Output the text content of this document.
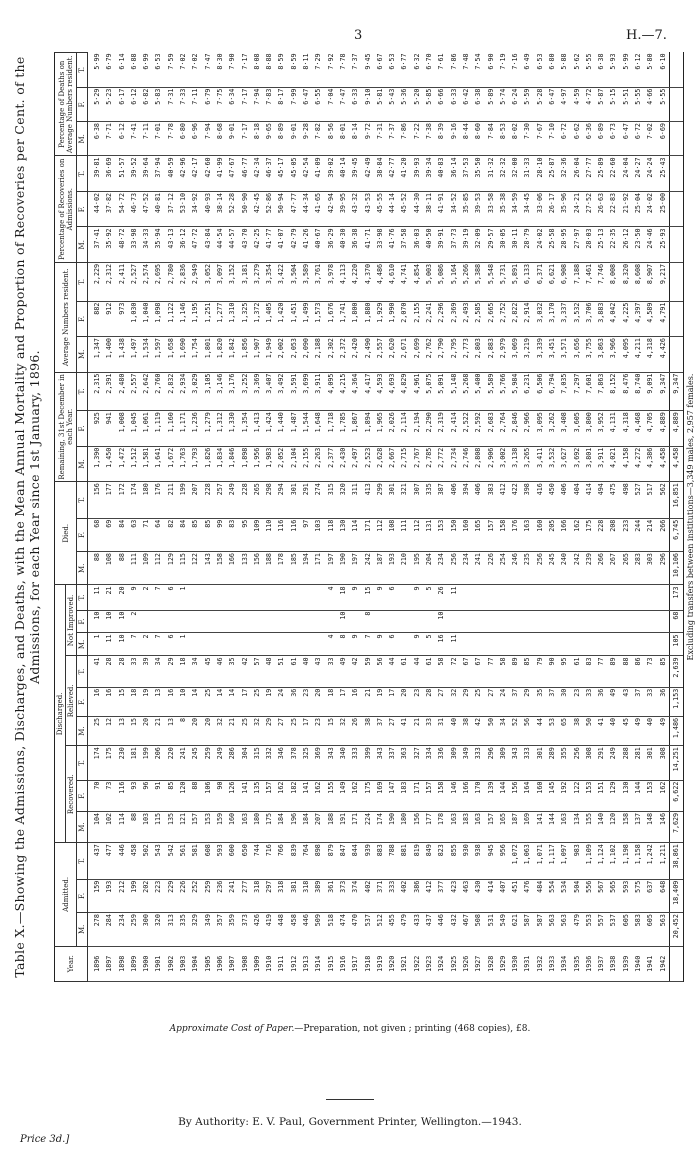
3	H.—7.
Table X.—Showing the Admissions, Discharges, and Deaths, with the Mean Annual Mortality and Proportion of Recoveries per Cent. of the Admissions, for each Year since 1st January, 1896.
Year.	Admitted.			Discharged.									Died.			Remaining, 31st December in each Year.			Average Numbers resident.			Percentage of Recoveries on Admissions.			Percentage of Deaths on Average Numbers resident.		
				Recovered.			Relieved.			Not Improved.																	
	M.	F.	T.	M.	F.	T.	M.	F.	T.	M.	F.	T.	M.	F.	T.	M.	F.	T.	M.	F.	T.	M.	F.	T.	M.	F.	T.
1896	278	159	437	104	70	174	25	16	41	1	10	11	88	68	156	1,390	925	2,315	1,347	882	2,229	37·41	44·02	39·81	6·38	5·29	5·99
1897	284	193	477	102	73	175	12	16	28	11	10	21	108	69	177	1,450	941	2,391	1,400	912	2,312	35·92	37·82	36·69	7·71	5·23	6·79
1898	234	212	446	114	116	230	13	15	28	10	10	20	88	84	172	1,472	1,008	2,480	1,438	973	2,411	48·72	54·72	51·57	6·12	6·17	6·14
1899	259	199	458	88	93	181	15	18	33	7	2	9	111	63	174	1,512	1,045	2,557	1,497	1,030	2,527	33·98	46·73	39·52	7·41	6·12	6·88
1900	300	202	502	103	96	199	20	19	39	2		2	109	71	180	1,581	1,061	2,642	1,534	1,040	2,574	34·33	47·52	39·64	7·11	6·82	6·99
1901	320	223	543	115	91	206	21	13	34	7		7	112	64	176	1,641	1,119	2,760	1,597	1,098	2,695	35·94	40·81	37·94	7·01	5·83	6·53
1902	313	229	542	135	85	220	13	16	29	6		6	129	82	211	1,672	1,160	2,832	1,658	1,122	2,780	43·13	37·12	40·59	7·78	7·31	7·59
1903	335	226	561	121	120	241	8	10	18	1		1	115	84	199	1,763	1,171	2,934	1,690	1,146	2,836	36·12	53·10	42·96	6·80	7·33	7·02
1904	329	252	581	157	88	245	20	14	34				122	85	207	1,793	1,236	3,029	1,754	1,195	2,949	47·72	34·92	42·17	6·96	7·11	7·02
1905	349	259	608	153	106	259	20	25	45				143	85	228	1,826	1,279	3,105	1,801	1,251	3,052	43·84	40·93	42·60	7·94	6·79	7·47
1906	357	236	593	159	90	249	32	14	46				158	99	257	1,834	1,312	3,146	1,820	1,277	3,097	44·54	38·14	41·99	8·68	7·75	8·30
1907	359	241	600	160	126	286	21	14	35				166	83	249	1,846	1,330	3,176	1,842	1,310	3,152	44·57	52·28	47·67	9·01	6·34	7·90
1908	373	277	650	163	141	304	25	17	42				133	95	228	1,898	1,354	3,252	1,856	1,325	3,181	43·70	50·90	46·77	7·17	7·17	7·17
1909	426	318	744	180	135	315	32	25	57				156	109	265	1,956	1,413	3,369	1,907	1,372	3,279	42·25	42·45	42·34	8·18	7·94	8·08
1910	419	297	716	175	157	332	29	19	48				188	110	298	1,983	1,424	3,407	1,949	1,405	3,354	41·77	52·86	46·37	9·65	7·83	8·88
1911	448	318	766	184	162	346	27	24	51				178	116	294	2,052	1,440	3,492	2,002	1,420	3,422	41·07	50·94	45·17	8·89	8·17	8·59
1912	458	381	839	196	182	378	25	36	61				185	116	301	2,104	1,487	3,591	2,053	1,451	3,504	42·79	47·77	45·05	9·01	7·99	8·59
1913	446	318	764	184	141	325	17	23	40				194	97	291	2,155	1,544	3,699	2,090	1,499	3,589	41·26	44·34	42·54	9·28	6·47	8·11
1914	509	389	898	207	162	369	23	20	43				171	103	274	2,263	1,648	3,911	2,188	1,573	3,761	40·67	41·65	41·09	7·82	6·55	7·29
1915	518	361	879	188	155	343	15	18	33	4		4	197	118	315	2,377	1,718	4,095	2,302	1,676	3,978	36·29	42·94	39·02	8·56	7·04	7·92
1916	474	373	847	191	149	340	32	17	49	8	10	18	190	130	320	2,430	1,785	4,215	2,372	1,741	4,113	40·30	39·95	40·14	8·01	7·47	7·78
1917	470	374	844	171	162	333	26	16	42	9		9	197	114	311	2,497	1,867	4,364	2,420	1,800	4,220	36·38	43·32	39·45	8·14	6·33	7·37
1918	537	402	939	224	175	399	38	21	59	7	8	15	242	171	413	2,523	1,894	4,417	2,490	1,880	4,370	41·71	43·53	42·49	9·72	9·10	9·45
1919	512	371	883	174	169	343	37	19	56	9		9	187	112	299	2,628	1,965	4,593	2,557	1,929	4,486	33·98	45·55	38·84	7·31	5·81	6·67
1920	455	333	788	190	147	337	27	17	44	6		6	193	108	301	2,667	2,026	4,693	2,620	1,990	4,610	41·76	44·14	42·77	7·37	5·43	6·53
1921	479	402	881	180	183	363	41	20	61				210	111	321	2,715	2,114	4,829	2,671	2,070	4,741	37·58	45·52	41·20	7·86	5·36	6·77
1922	433	386	819	156	171	327	21	23	44	9		9	195	112	307	2,767	2,194	4,961	2,699	2,155	4,854	36·03	44·30	39·93	7·22	5·20	6·32
1923	437	412	849	177	157	334	33	28	61	5		5	204	131	335	2,785	2,290	5,075	2,762	2,241	5,003	40·50	38·11	39·34	7·38	5·85	6·70
1924	446	377	823	178	158	336	31	27	58	16	10	26	234	153	387	2,772	2,319	5,091	2,790	2,296	5,086	39·91	41·91	40·83	8·39	6·66	7·61
1925	432	423	855	163	146	309	40	32	72	11		11	256	150	406	2,734	2,414	5,148	2,795	2,369	5,164	37·73	34·52	36·14	9·16	6·33	7·86
1926	467	463	930	183	166	349	38	29	67				234	160	394	2,746	2,522	5,268	2,773	2,493	5,266	39·19	35·85	37·53	8·44	6·42	7·48
1927	508	430	938	163	170	333	42	25	67				241	165	406	2,808	2,592	5,400	2,803	2,585	5,388	32·09	39·53	35·50	8·60	6·38	7·54
1928	531	414	945	157	139	296	50	27	77				226	157	383	2,906	2,683	5,589	2,883	2,665	5,548	29·57	33·58	31·32	7·84	5·89	6·90
1929	549	407	956	165	144	309	34	24	58				254	158	412	3,002	2,764	5,766	2,979	2,752	5,731	30·05	35·38	32·32	8·53	5·74	7·19
1930	621	451	1,072	187	156	343	52	37	89				246	176	422	3,138	2,846	5,984	3,069	2,822	5,891	30·11	34·59	32·00	8·02	6·24	7·16
1931	587	476	1,063	169	164	333	56	29	85				235	163	398	3,265	2,966	6,231	3,219	2,914	6,133	28·79	34·45	31·33	7·30	5·59	6·49
1932	587	484	1,071	141	160	301	44	35	79				256	160	416	3,411	3,095	6,506	3,339	3,032	6,371	24·02	33·06	28·10	7·67	5·28	6·53
1933	563	554	1,117	144	145	289	53	37	90				245	205	450	3,532	3,262	6,794	3,451	3,170	6,621	25·58	26·17	25·87	7·10	6·47	6·80
1934	563	534	1,097	163	192	355	65	30	95				240	166	406	3,627	3,408	7,035	3,571	3,337	6,908	28·95	35·96	32·36	6·72	4·97	5·88
1935	479	504	983	134	122	256	38	23	61				242	162	404	3,692	3,605	7,297	3,656	3,532	7,188	27·97	24·21	26·04	6·62	4·59	5·62
1936	553	556	1,109	155	153	308	50	33	83				239	175	414	3,801	3,800	7,601	3,755	3,706	7,461	28·03	27·52	27·77	6·36	4·72	5·55
1937	557	567	1,124	140	151	291	41	36	77				266	228	494	3,911	3,952	7,863	3,863	3,883	7,746	25·13	26·63	25·89	6·89	5·87	6·38
1938	537	565	1,102	120	129	249	40	49	89				267	208	475	4,021	4,131	8,152	3,966	4,042	8,008	22·35	22·83	22·60	6·73	5·15	5·93
1939	605	593	1,198	158	130	288	45	43	88				265	233	498	4,158	4,318	8,476	4,095	4,225	8,320	26·12	21·92	24·04	6·47	5·51	5·99
1940	583	575	1,158	137	144	281	49	37	86				283	244	527	4,272	4,468	8,740	4,211	4,397	8,608	23·50	25·04	24·27	6·72	5·55	6·12
1941	605	637	1,242	148	153	301	40	33	73				303	214	517	4,386	4,705	9,091	4,318	4,589	8,907	24·46	24·02	24·24	7·02	4·66	5·80
1942	563	648	1,211	146	162	308	49	36	85				296	266	562	4,458	4,889	9,347	4,426	4,791	9,217	25·93	25·00	25·43	6·69	5·55	6·10
	20,452	18,409	38,861	7,629	6,622	14,251	1,486	1,153	2,639	105	68	173	10,106	6,745	16,851	4,458	4,889	9,347									Excluding transfers between institutions—3,349 males, 2,957 females.
Approximate Cost of Paper.—Preparation, not given ; printing (468 copies), £8.
By Authority: E. V. Paul, Government Printer, Wellington.—1943.
Price 3d.]
